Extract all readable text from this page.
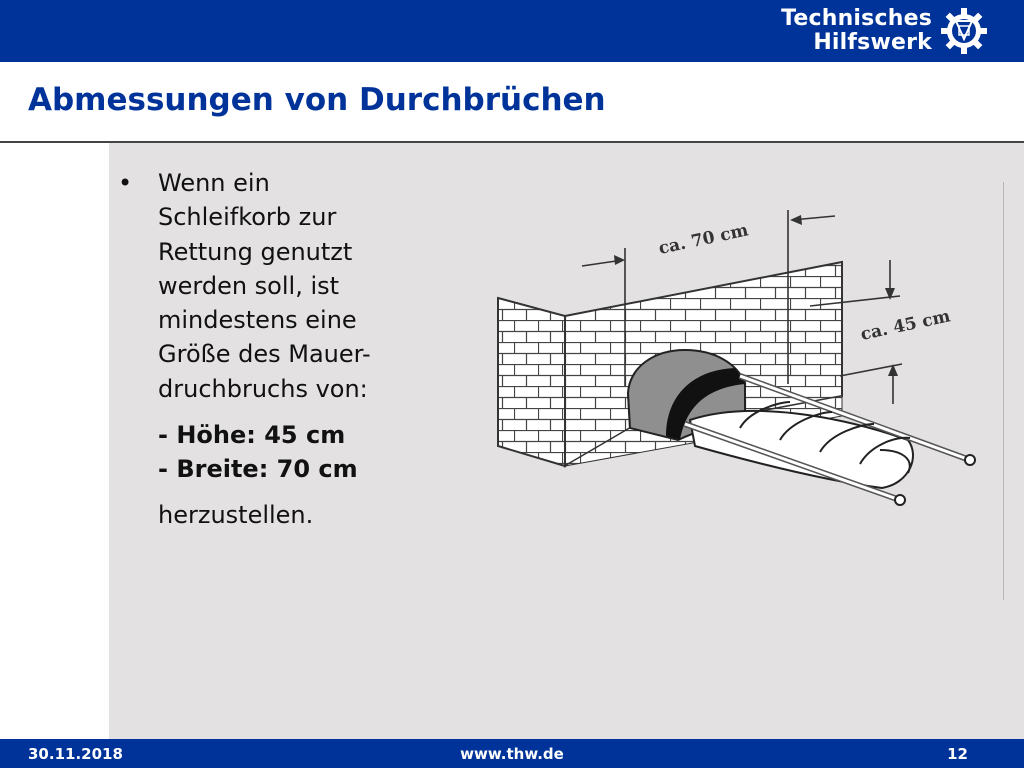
Technisches
Hilfswerk
Abmessungen von Durchbrüchen
•	Wenn ein
Schleifkorb zur
Rettung genutzt
werden soll, ist
mindestens eine
Größe des Mauer-
druchbruchs von:
- Höhe: 45 cm
- Breite: 70 cm
herzustellen.
ca. 70 cm
ca. 45 cm
30.11.2018	www.thw.de	12
